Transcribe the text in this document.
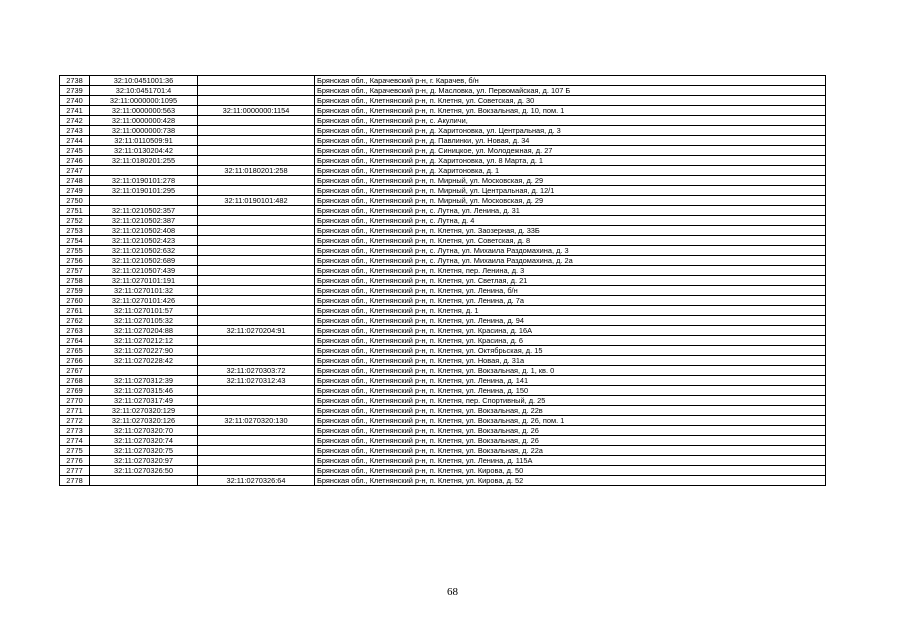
2738	32:10:0451001:36		Брянская обл., Карачевский р-н, г. Карачев, б/н
2739	32:10:0451701:4		Брянская обл., Карачевский р-н, д. Масловка, ул. Первомайская, д. 107 Б
2740	32:11:0000000:1095		Брянская обл., Клетнянский р-н, п. Клетня, ул. Советская, д. 30
2741	32:11:0000000:563	32:11:0000000:1154	Брянская обл., Клетнянский р-н, п. Клетня, ул. Вокзальная, д. 10, пом. 1
2742	32:11:0000000:428		Брянская обл., Клетнянский р-н, с. Акуличи,
2743	32:11:0000000:738		Брянская обл., Клетнянский р-н, д. Харитоновка, ул. Центральная, д. 3
2744	32:11:0110509:91		Брянская обл., Клетнянский р-н, д. Павлинки, ул. Новая, д. 34
2745	32:11:0130204:42		Брянская обл., Клетнянский р-н, д. Синицкое, ул. Молодежная, д. 27
2746	32:11:0180201:255		Брянская обл., Клетнянский р-н, д. Харитоновка, ул. 8 Марта, д. 1
2747		32:11:0180201:258	Брянская обл., Клетнянский р-н, д. Харитоновка, д. 1
2748	32:11:0190101:278		Брянская обл., Клетнянский р-н, п. Мирный, ул. Московская, д. 29
2749	32:11:0190101:295		Брянская обл., Клетнянский р-н, п. Мирный, ул. Центральная, д. 12/1
2750		32:11:0190101:482	Брянская обл., Клетнянский р-н, п. Мирный, ул. Московская, д. 29
2751	32:11:0210502:357		Брянская обл., Клетнянский р-н, с. Лутна, ул. Ленина, д. 31
2752	32:11:0210502:387		Брянская обл., Клетнянский р-н, с. Лутна, д. 4
2753	32:11:0210502:408		Брянская обл., Клетнянский р-н, п. Клетня, ул. Заозерная, д. 33Б
2754	32:11:0210502:423		Брянская обл., Клетнянский р-н, п. Клетня, ул. Советская, д. 8
2755	32:11:0210502:632		Брянская обл., Клетнянский р-н, с. Лутна, ул. Михаила Раздомахина, д. 3
2756	32:11:0210502:689		Брянская обл., Клетнянский р-н, с. Лутна, ул. Михаила Раздомахина, д. 2а
2757	32:11:0210507:439		Брянская обл., Клетнянский р-н, п. Клетня, пер. Ленина, д. 3
2758	32:11:0270101:191		Брянская обл., Клетнянский р-н, п. Клетня, ул. Светлая, д. 21
2759	32:11:0270101:32		Брянская обл., Клетнянский р-н, п. Клетня, ул. Ленина, б/н
2760	32:11:0270101:426		Брянская обл., Клетнянский р-н, п. Клетня, ул. Ленина, д. 7а
2761	32:11:0270101:57		Брянская обл., Клетнянский р-н, п. Клетня, д. 1
2762	32:11:0270105:32		Брянская обл., Клетнянский р-н, п. Клетня, ул. Ленина, д. 94
2763	32:11:0270204:88	32:11:0270204:91	Брянская обл., Клетнянский р-н, п. Клетня, ул. Красина, д. 16А
2764	32:11:0270212:12		Брянская обл., Клетнянский р-н, п. Клетня, ул. Красина, д. 6
2765	32:11:0270227:90		Брянская обл., Клетнянский р-н, п. Клетня, ул. Октябрьская, д. 15
2766	32:11:0270228:42		Брянская обл., Клетнянский р-н, п. Клетня, ул. Новая, д. 31а
2767		32:11:0270303:72	Брянская обл., Клетнянский р-н, п. Клетня, ул. Вокзальная, д. 1, кв. 0
2768	32:11:0270312:39	32:11:0270312:43	Брянская обл., Клетнянский р-н, п. Клетня, ул. Ленина, д. 141
2769	32:11:0270315:46		Брянская обл., Клетнянский р-н, п. Клетня, ул. Ленина, д. 150
2770	32:11:0270317:49		Брянская обл., Клетнянский р-н, п. Клетня, пер. Спортивный, д. 25
2771	32:11:0270320:129		Брянская обл., Клетнянский р-н, п. Клетня, ул. Вокзальная, д. 22в
2772	32:11:0270320:126	32:11:0270320:130	Брянская обл., Клетнянский р-н, п. Клетня, ул. Вокзальная, д. 26, пом. 1
2773	32:11:0270320:70		Брянская обл., Клетнянский р-н, п. Клетня, ул. Вокзальная, д. 26
2774	32:11:0270320:74		Брянская обл., Клетнянский р-н, п. Клетня, ул. Вокзальная, д. 26
2775	32:11:0270320:75		Брянская обл., Клетнянский р-н, п. Клетня, ул. Вокзальная, д. 22а
2776	32:11:0270320:97		Брянская обл., Клетнянский р-н, п. Клетня, ул. Ленина, д. 115А
2777	32:11:0270326:50		Брянская обл., Клетнянский р-н, п. Клетня, ул. Кирова, д. 50
2778		32:11:0270326:64	Брянская обл., Клетнянский р-н, п. Клетня, ул. Кирова, д. 52
68
